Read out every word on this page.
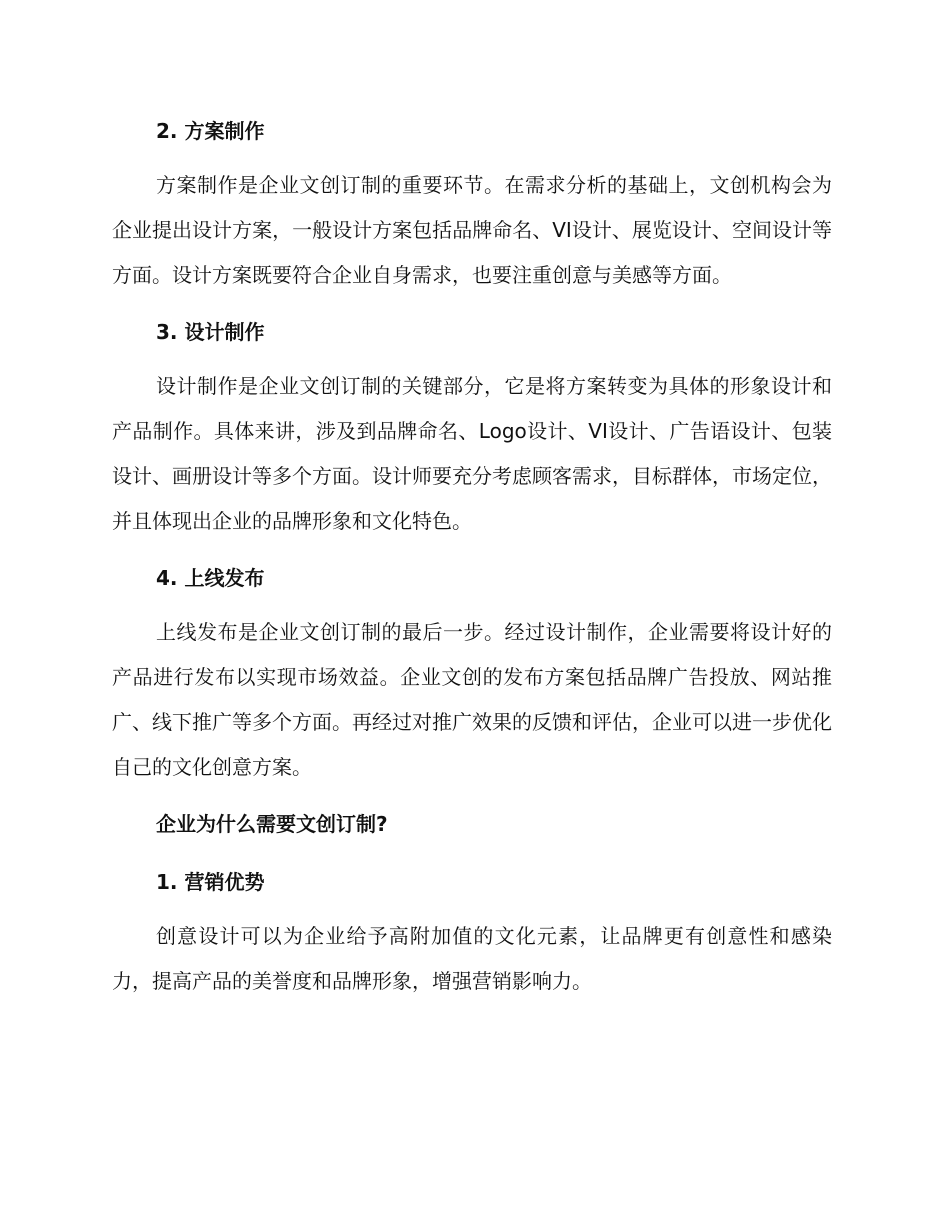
2. 方案制作

方案制作是企业文创订制的重要环节。在需求分析的基础上，文创机构会为企业提出设计方案，一般设计方案包括品牌命名、VI设计、展览设计、空间设计等方面。设计方案既要符合企业自身需求，也要注重创意与美感等方面。

3. 设计制作

设计制作是企业文创订制的关键部分，它是将方案转变为具体的形象设计和产品制作。具体来讲，涉及到品牌命名、Logo设计、VI设计、广告语设计、包装设计、画册设计等多个方面。设计师要充分考虑顾客需求，目标群体，市场定位，并且体现出企业的品牌形象和文化特色。

4. 上线发布

上线发布是企业文创订制的最后一步。经过设计制作，企业需要将设计好的产品进行发布以实现市场效益。企业文创的发布方案包括品牌广告投放、网站推广、线下推广等多个方面。再经过对推广效果的反馈和评估，企业可以进一步优化自己的文化创意方案。

企业为什么需要文创订制?
1. 营销优势

创意设计可以为企业给予高附加值的文化元素，让品牌更有创意性和感染力，提高产品的美誉度和品牌形象，增强营销影响力。
